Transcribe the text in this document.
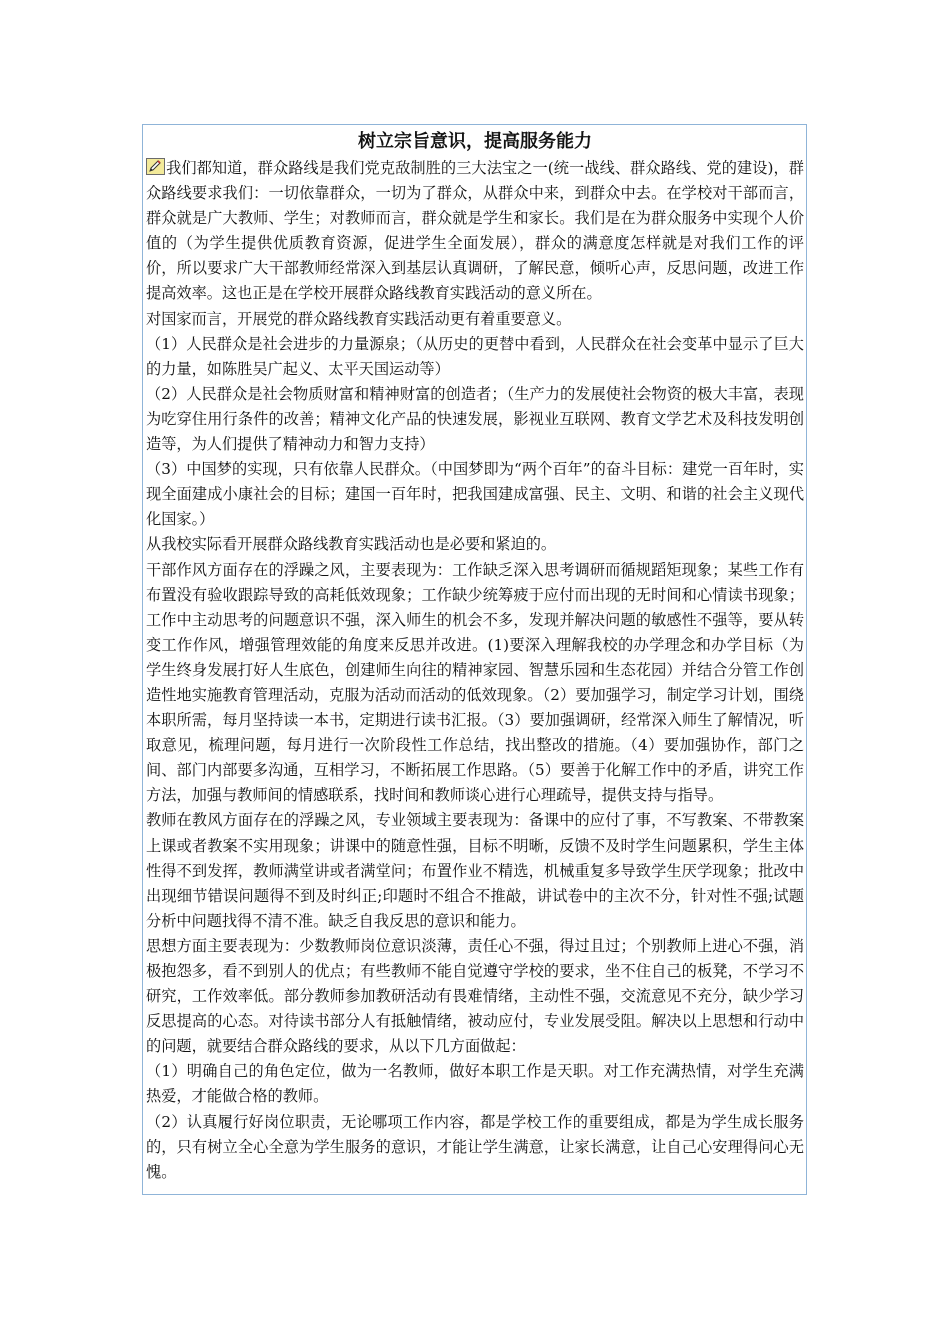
树立宗旨意识，提高服务能力

我们都知道，群众路线是我们党克敌制胜的三大法宝之一(统一战线、群众路线、党的建设)，群众路线要求我们：一切依靠群众，一切为了群众，从群众中来，到群众中去。在学校对干部而言，群众就是广大教师、学生；对教师而言，群众就是学生和家长。我们是在为群众服务中实现个人价值的（为学生提供优质教育资源，促进学生全面发展），群众的满意度怎样就是对我们工作的评价，所以要求广大干部教师经常深入到基层认真调研，了解民意，倾听心声，反思问题，改进工作提高效率。这也正是在学校开展群众路线教育实践活动的意义所在。

对国家而言，开展党的群众路线教育实践活动更有着重要意义。

（1）人民群众是社会进步的力量源泉；（从历史的更替中看到，人民群众在社会变革中显示了巨大的力量，如陈胜吴广起义、太平天国运动等）

（2）人民群众是社会物质财富和精神财富的创造者；（生产力的发展使社会物资的极大丰富，表现为吃穿住用行条件的改善；精神文化产品的快速发展，影视业互联网、教育文学艺术及科技发明创造等，为人们提供了精神动力和智力支持）

（3）中国梦的实现，只有依靠人民群众。（中国梦即为“两个百年”的奋斗目标：建党一百年时，实现全面建成小康社会的目标；建国一百年时，把我国建成富强、民主、文明、和谐的社会主义现代化国家。）

从我校实际看开展群众路线教育实践活动也是必要和紧迫的。

干部作风方面存在的浮躁之风，主要表现为：工作缺乏深入思考调研而循规蹈矩现象；某些工作有布置没有验收跟踪导致的高耗低效现象；工作缺少统筹疲于应付而出现的无时间和心情读书现象；工作中主动思考的问题意识不强，深入师生的机会不多，发现并解决问题的敏感性不强等，要从转变工作作风，增强管理效能的角度来反思并改进。(1)要深入理解我校的办学理念和办学目标（为学生终身发展打好人生底色，创建师生向往的精神家园、智慧乐园和生态花园）并结合分管工作创造性地实施教育管理活动，克服为活动而活动的低效现象。（2）要加强学习，制定学习计划，围绕本职所需，每月坚持读一本书，定期进行读书汇报。（3）要加强调研，经常深入师生了解情况，听取意见，梳理问题，每月进行一次阶段性工作总结，找出整改的措施。（4）要加强协作，部门之间、部门内部要多沟通，互相学习，不断拓展工作思路。（5）要善于化解工作中的矛盾，讲究工作方法，加强与教师间的情感联系，找时间和教师谈心进行心理疏导，提供支持与指导。

教师在教风方面存在的浮躁之风，专业领域主要表现为：备课中的应付了事，不写教案、不带教案上课或者教案不实用现象；讲课中的随意性强，目标不明晰，反馈不及时学生问题累积，学生主体性得不到发挥，教师满堂讲或者满堂问；布置作业不精选，机械重复多导致学生厌学现象；批改中出现细节错误问题得不到及时纠正;印题时不组合不推敲，讲试卷中的主次不分，针对性不强;试题分析中问题找得不清不准。缺乏自我反思的意识和能力。

思想方面主要表现为：少数教师岗位意识淡薄，责任心不强，得过且过；个别教师上进心不强，消极抱怨多，看不到别人的优点；有些教师不能自觉遵守学校的要求，坐不住自己的板凳，不学习不研究，工作效率低。部分教师参加教研活动有畏难情绪，主动性不强，交流意见不充分，缺少学习反思提高的心态。对待读书部分人有抵触情绪，被动应付，专业发展受阻。解决以上思想和行动中的问题，就要结合群众路线的要求，从以下几方面做起：

（1）明确自己的角色定位，做为一名教师，做好本职工作是天职。对工作充满热情，对学生充满热爱，才能做合格的教师。

（2）认真履行好岗位职责，无论哪项工作内容，都是学校工作的重要组成，都是为学生成长服务的，只有树立全心全意为学生服务的意识，才能让学生满意，让家长满意，让自己心安理得问心无愧。
